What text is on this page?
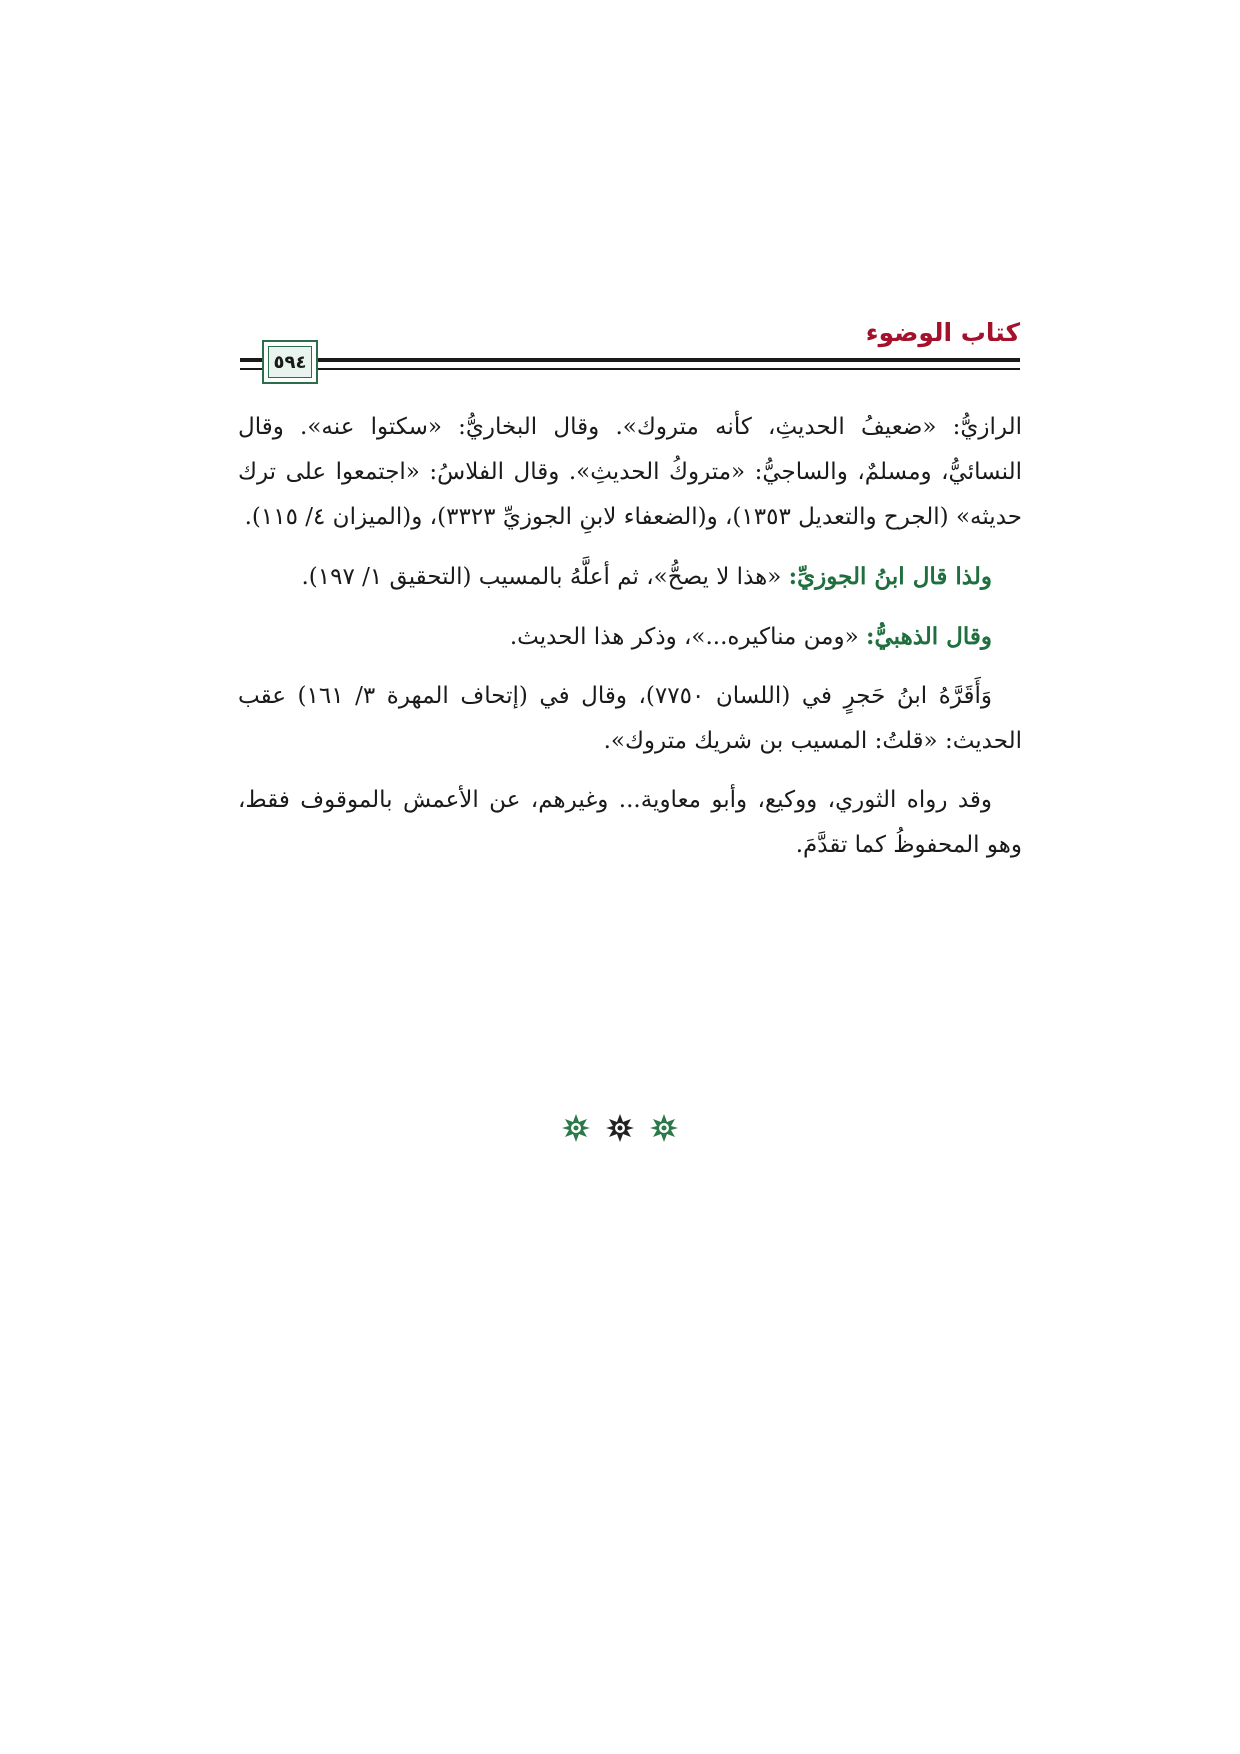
كتاب الوضوء
٥٩٤

الرازيُّ: «ضعيفُ الحديثِ، كأنه متروك». وقال البخاريُّ: «سكتوا عنه». وقال النسائيُّ، ومسلمٌ، والساجيُّ: «متروكُ الحديثِ». وقال الفلاسُ: «اجتمعوا على ترك حديثه» (الجرح والتعديل ١٣٥٣)، و(الضعفاء لابنِ الجوزيِّ ٣٣٢٣)، و(الميزان ٤/ ١١٥).

ولذا قال ابنُ الجوزيِّ: «هذا لا يصحُّ»، ثم أعلَّهُ بالمسيب (التحقيق ١/ ١٩٧).

وقال الذهبيُّ: «ومن مناكيره...»، وذكر هذا الحديث.

وَأَقَرَّهُ ابنُ حَجرٍ في (اللسان ٧٧٥٠)، وقال في (إتحاف المهرة ٣/ ١٦١) عقب الحديث: «قلتُ: المسيب بن شريك متروك».

وقد رواه الثوري، ووكيع، وأبو معاوية... وغيرهم، عن الأعمش بالموقوف فقط، وهو المحفوظُ كما تقدَّمَ.
